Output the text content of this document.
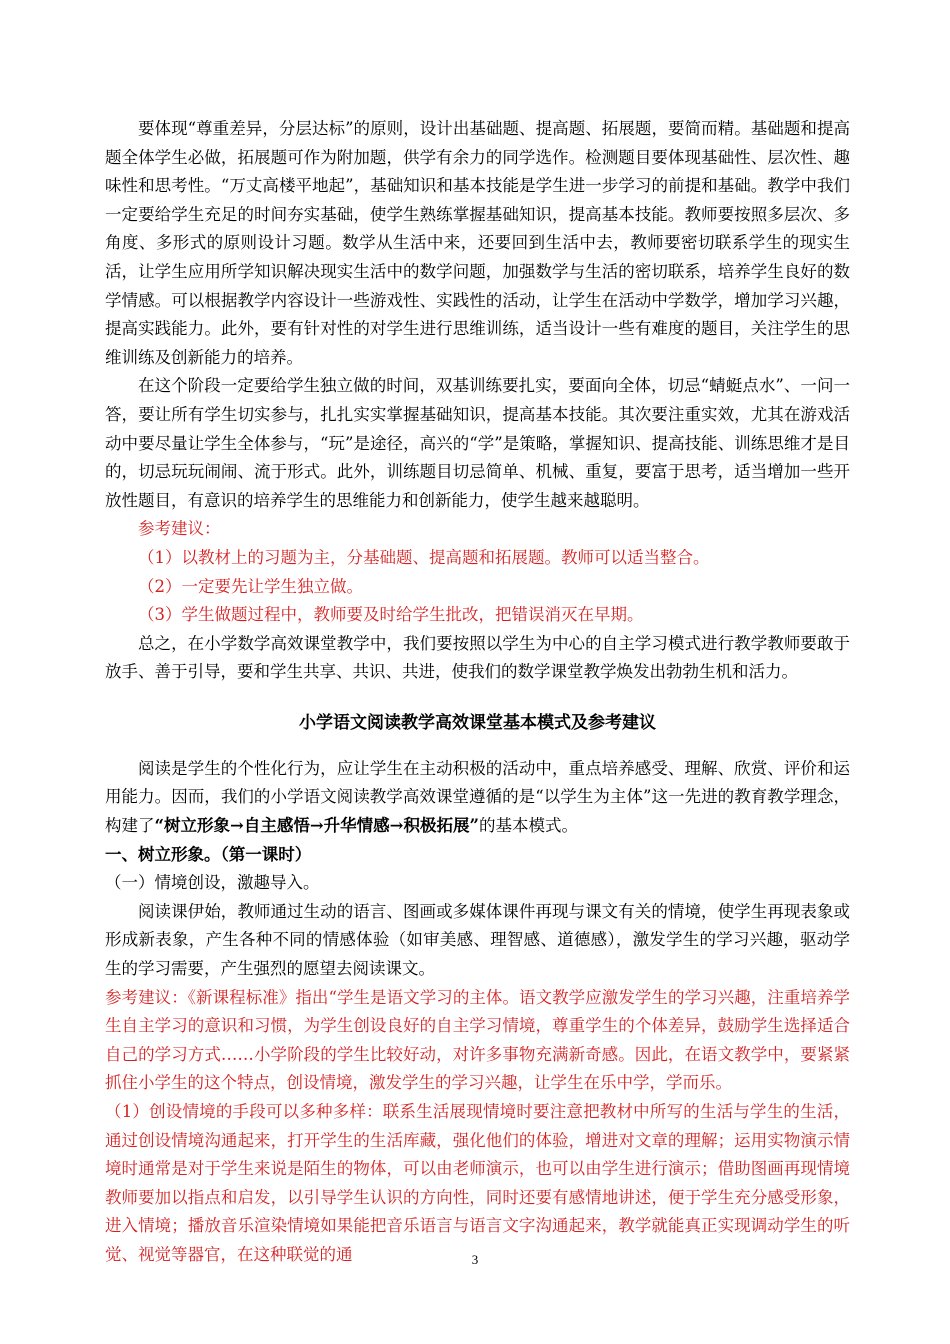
要体现“尊重差异，分层达标”的原则，设计出基础题、提高题、拓展题，要简而精。基础题和提高题全体学生必做，拓展题可作为附加题，供学有余力的同学选作。检测题目要体现基础性、层次性、趣味性和思考性。“万丈高楼平地起”，基础知识和基本技能是学生进一步学习的前提和基础。教学中我们一定要给学生充足的时间夯实基础，使学生熟练掌握基础知识，提高基本技能。教师要按照多层次、多角度、多形式的原则设计习题。数学从生活中来，还要回到生活中去，教师要密切联系学生的现实生活，让学生应用所学知识解决现实生活中的数学问题，加强数学与生活的密切联系，培养学生良好的数学情感。可以根据教学内容设计一些游戏性、实践性的活动，让学生在活动中学数学，增加学习兴趣，提高实践能力。此外，要有针对性的对学生进行思维训练，适当设计一些有难度的题目，关注学生的思维训练及创新能力的培养。

在这个阶段一定要给学生独立做的时间，双基训练要扎实，要面向全体，切忌“蜻蜓点水”、一问一答，要让所有学生切实参与，扎扎实实掌握基础知识，提高基本技能。其次要注重实效，尤其在游戏活动中要尽量让学生全体参与，“玩”是途径，高兴的“学”是策略，掌握知识、提高技能、训练思维才是目的，切忌玩玩闹闹、流于形式。此外，训练题目切忌简单、机械、重复，要富于思考，适当增加一些开放性题目，有意识的培养学生的思维能力和创新能力，使学生越来越聪明。

参考建议：

（1）以教材上的习题为主，分基础题、提高题和拓展题。教师可以适当整合。

（2）一定要先让学生独立做。

（3）学生做题过程中，教师要及时给学生批改，把错误消灭在早期。

总之，在小学数学高效课堂教学中，我们要按照以学生为中心的自主学习模式进行教学教师要敢于放手、善于引导，要和学生共享、共识、共进，使我们的数学课堂教学焕发出勃勃生机和活力。

小学语文阅读教学高效课堂基本模式及参考建议

阅读是学生的个性化行为，应让学生在主动积极的活动中，重点培养感受、理解、欣赏、评价和运用能力。因而，我们的小学语文阅读教学高效课堂遵循的是“以学生为主体”这一先进的教育教学理念，构建了“树立形象→自主感悟→升华情感→积极拓展”的基本模式。

一、树立形象。（第一课时）

（一）情境创设，激趣导入。

阅读课伊始，教师通过生动的语言、图画或多媒体课件再现与课文有关的情境，使学生再现表象或形成新表象，产生各种不同的情感体验（如审美感、理智感、道德感），激发学生的学习兴趣，驱动学生的学习需要，产生强烈的愿望去阅读课文。

参考建议：《新课程标准》指出“学生是语文学习的主体。语文教学应激发学生的学习兴趣，注重培养学生自主学习的意识和习惯，为学生创设良好的自主学习情境，尊重学生的个体差异，鼓励学生选择适合自己的学习方式……小学阶段的学生比较好动，对许多事物充满新奇感。因此，在语文教学中，要紧紧抓住小学生的这个特点，创设情境，激发学生的学习兴趣，让学生在乐中学，学而乐。

（1）创设情境的手段可以多种多样：联系生活展现情境时要注意把教材中所写的生活与学生的生活，通过创设情境沟通起来，打开学生的生活库藏，强化他们的体验，增进对文章的理解；运用实物演示情境时通常是对于学生来说是陌生的物体，可以由老师演示，也可以由学生进行演示；借助图画再现情境教师要加以指点和启发，以引导学生认识的方向性，同时还要有感情地讲述，便于学生充分感受形象，进入情境；播放音乐渲染情境如果能把音乐语言与语言文字沟通起来，教学就能真正实现调动学生的听觉、视觉等器官，在这种联觉的通	3
